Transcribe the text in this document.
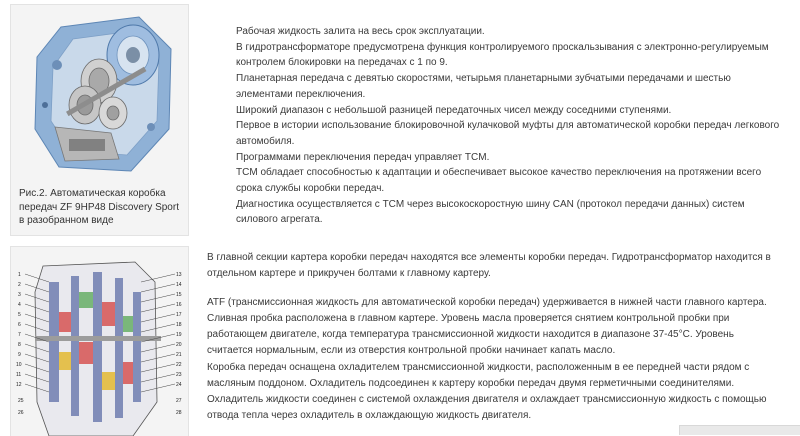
Рис.2. Автоматическая коробка передач ZF 9HP48 Discovery Sport в разобранном виде
Рабочая жидкость залита на весь срок эксплуатации.
В гидротрансформаторе предусмотрена функция контролируемого проскальзывания с электронно-регулируемым контролем блокировки на передачах с 1 по 9.
Планетарная передача с девятью скоростями, четырьмя планетарными зубчатыми передачами и шестью элементами переключения.
Широкий диапазон с небольшой разницей передаточных чисел между соседними ступенями.
Первое в истории использование блокировочной кулачковой муфты для автоматической коробки передач легкового автомобиля.
Программами переключения передач управляет TCM.
TCM обладает способностью к адаптации и обеспечивает высокое качество переключения на протяжении всего срока службы коробки передач.
Диагностика осуществляется с TCM через высокоскоростную шину CAN (протокол передачи данных) систем силового агрегата.
1
2
3
4
5
6
7
8
9
10
11
12
13
14
15
16
17
18
19
20
21
22
23
24
25
26
27
28

В главной секции картера коробки передач находятся все элементы коробки передач. Гидротрансформатор находится в отдельном картере и прикручен болтами к главному картеру.

ATF (трансмиссионная жидкость для автоматической коробки передач) удерживается в нижней части главного картера. Сливная пробка расположена в главном картере. Уровень масла проверяется снятием контрольной пробки при работающем двигателе, когда температура трансмиссионной жидкости находится в диапазоне 37-45°C. Уровень считается нормальным, если из отверстия контрольной пробки начинает капать масло.

Коробка передач оснащена охладителем трансмиссионной жидкости, расположенным в ее передней части рядом с масляным поддоном. Охладитель подсоединен к картеру коробки передач двумя герметичными соединителями. Охладитель жидкости соединен с системой охлаждения двигателя и охлаждает трансмиссионную жидкость с помощью отвода тепла через охладитель в охлаждающую жидкость двигателя.
